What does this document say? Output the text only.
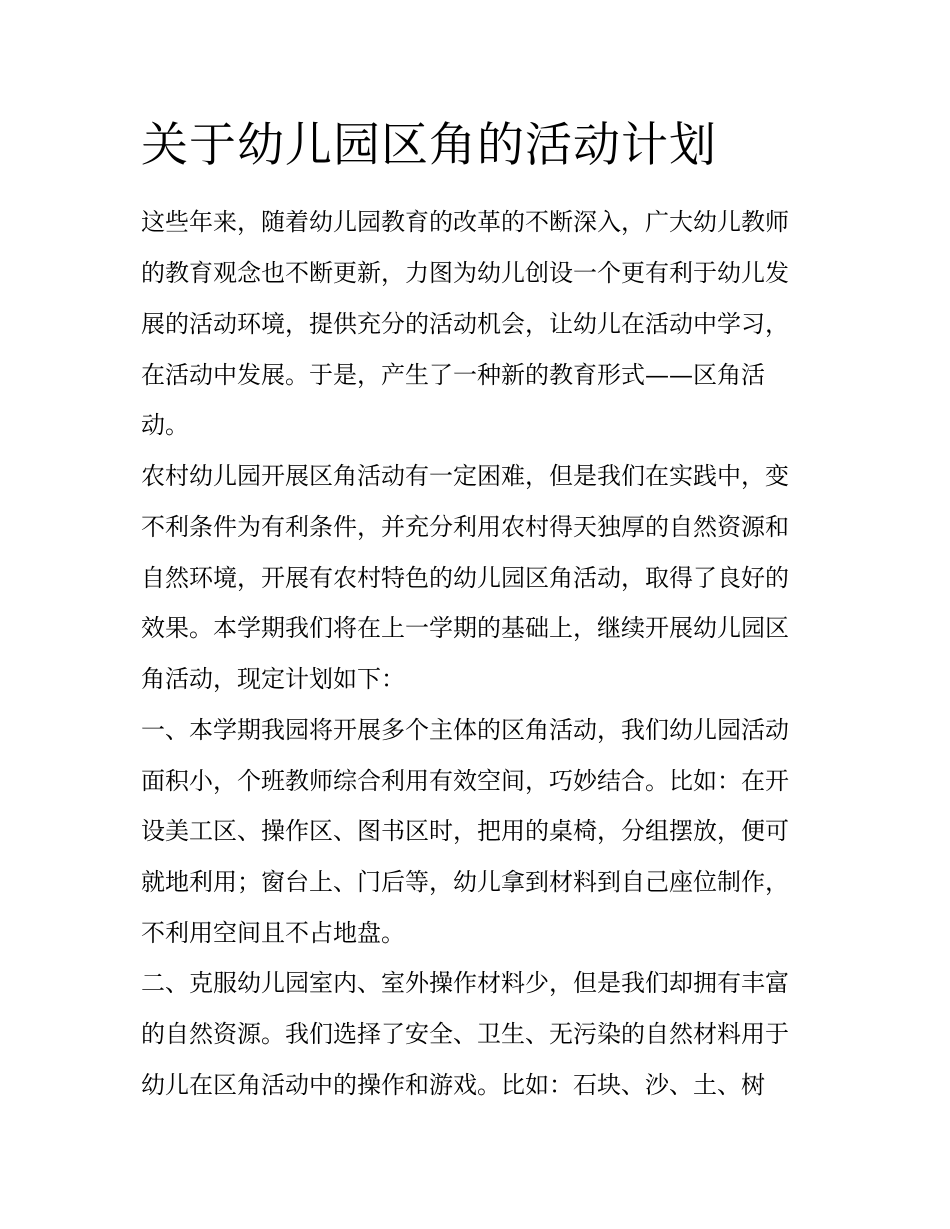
关于幼儿园区角的活动计划

这些年来，随着幼儿园教育的改革的不断深入，广大幼儿教师

的教育观念也不断更新，力图为幼儿创设一个更有利于幼儿发

展的活动环境，提供充分的活动机会，让幼儿在活动中学习，

在活动中发展。于是，产生了一种新的教育形式——区角活

动。

农村幼儿园开展区角活动有一定困难，但是我们在实践中，变

不利条件为有利条件，并充分利用农村得天独厚的自然资源和

自然环境，开展有农村特色的幼儿园区角活动，取得了良好的

效果。本学期我们将在上一学期的基础上，继续开展幼儿园区

角活动，现定计划如下：

一、本学期我园将开展多个主体的区角活动，我们幼儿园活动

面积小，个班教师综合利用有效空间，巧妙结合。比如：在开

设美工区、操作区、图书区时，把用的桌椅，分组摆放，便可

就地利用；窗台上、门后等，幼儿拿到材料到自己座位制作，

不利用空间且不占地盘。

二、克服幼儿园室内、室外操作材料少，但是我们却拥有丰富

的自然资源。我们选择了安全、卫生、无污染的自然材料用于

幼儿在区角活动中的操作和游戏。比如：石块、沙、土、树
